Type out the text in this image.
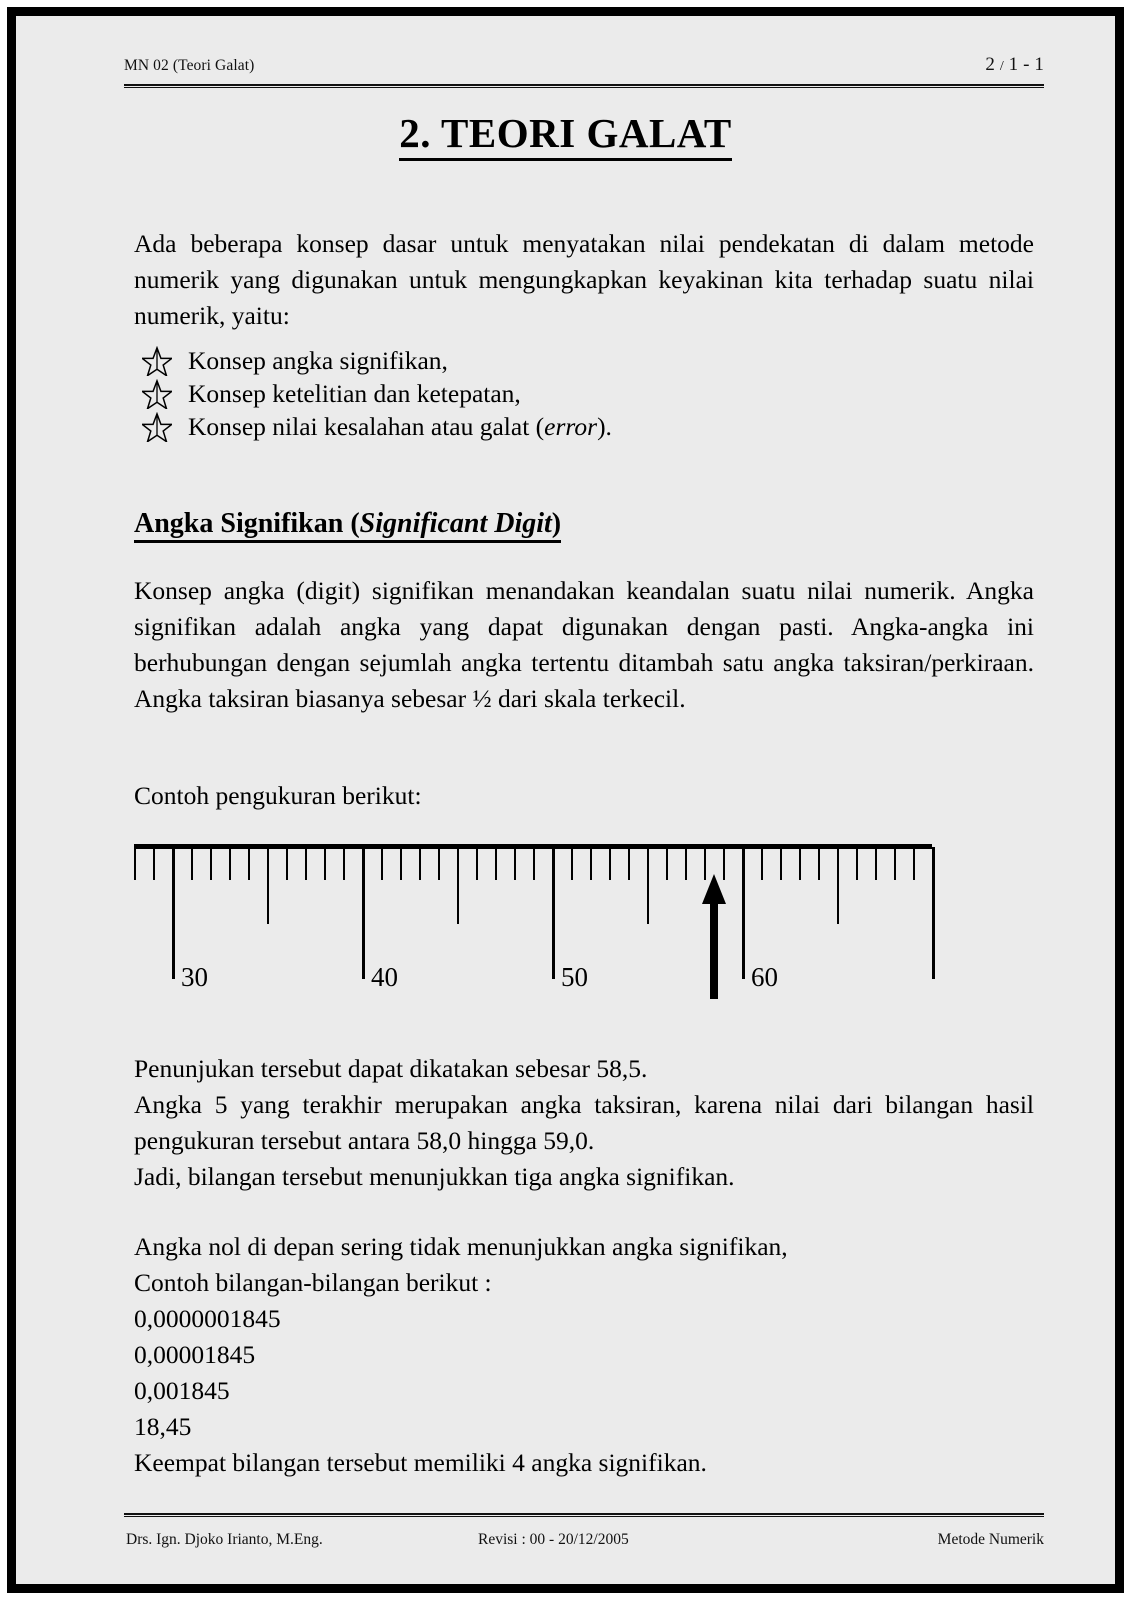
MN 02 (Teori Galat)	2 / 1 - 1
2. TEORI GALAT
Ada beberapa konsep dasar untuk menyatakan nilai pendekatan di dalam metode numerik yang digunakan untuk mengungkapkan keyakinan kita terhadap suatu nilai numerik, yaitu:
Konsep angka signifikan,
Konsep ketelitian dan ketepatan,
Konsep nilai kesalahan atau galat (error).
Angka Signifikan (Significant Digit)
Konsep angka (digit) signifikan menandakan keandalan suatu nilai numerik. Angka signifikan adalah angka yang dapat digunakan dengan pasti. Angka-angka ini berhubungan dengan sejumlah angka tertentu ditambah satu angka taksiran/perkiraan. Angka taksiran biasanya sebesar ½ dari skala terkecil.
Contoh pengukuran berikut:
30	40	50	60
Penunjukan tersebut dapat dikatakan sebesar 58,5.
Angka 5 yang terakhir merupakan angka taksiran, karena nilai dari bilangan hasil pengukuran tersebut antara 58,0 hingga 59,0.
Jadi, bilangan tersebut menunjukkan tiga angka signifikan.
Angka nol di depan sering tidak menunjukkan angka signifikan,
Contoh bilangan-bilangan berikut :
0,0000001845
0,00001845
0,001845
18,45
Keempat bilangan tersebut memiliki 4 angka signifikan.
Drs. Ign. Djoko Irianto, M.Eng.	Revisi : 00 - 20/12/2005	Metode Numerik
